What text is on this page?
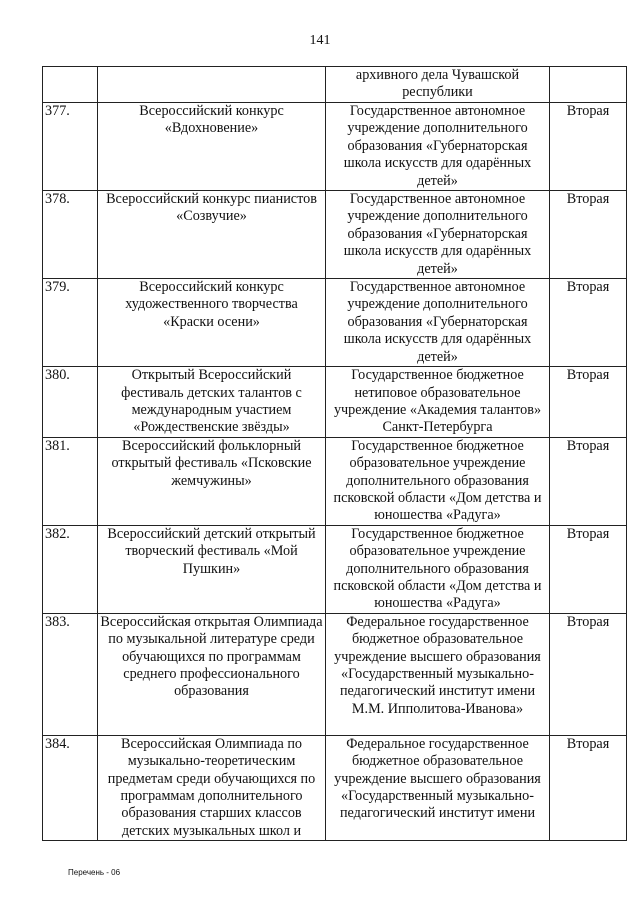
141
		архивного дела Чувашской республики	
377.	Всероссийский конкурс «Вдохновение»	Государственное автономное учреждение дополнительного образования «Губернаторская школа искусств для одарённых детей»	Вторая
378.	Всероссийский конкурс пианистов «Созвучие»	Государственное автономное учреждение дополнительного образования «Губернаторская школа искусств для одарённых детей»	Вторая
379.	Всероссийский конкурс художественного творчества «Краски осени»	Государственное автономное учреждение дополнительного образования «Губернаторская школа искусств для одарённых детей»	Вторая
380.	Открытый Всероссийский фестиваль детских талантов с международным участием «Рождественские звёзды»	Государственное бюджетное нетиповое образовательное учреждение «Академия талантов» Санкт-Петербурга	Вторая
381.	Всероссийский фольклорный открытый фестиваль «Псковские жемчужины»	Государственное бюджетное образовательное учреждение дополнительного образования псковской области «Дом детства и юношества «Радуга»	Вторая
382.	Всероссийский детский открытый творческий фестиваль «Мой Пушкин»	Государственное бюджетное образовательное учреждение дополнительного образования псковской области «Дом детства и юношества «Радуга»	Вторая
383.	Всероссийская открытая Олимпиада по музыкальной литературе среди обучающихся по программам среднего профессионального образования	Федеральное государственное бюджетное образовательное учреждение высшего образования «Государственный музыкально-педагогический институт имени М.М. Ипполитова-Иванова»	Вторая
384.	Всероссийская Олимпиада по музыкально-теоретическим предметам среди обучающихся по программам дополнительного образования старших классов детских музыкальных школ и	Федеральное государственное бюджетное образовательное учреждение высшего образования «Государственный музыкально-педагогический институт имени	Вторая
Перечень - 06
